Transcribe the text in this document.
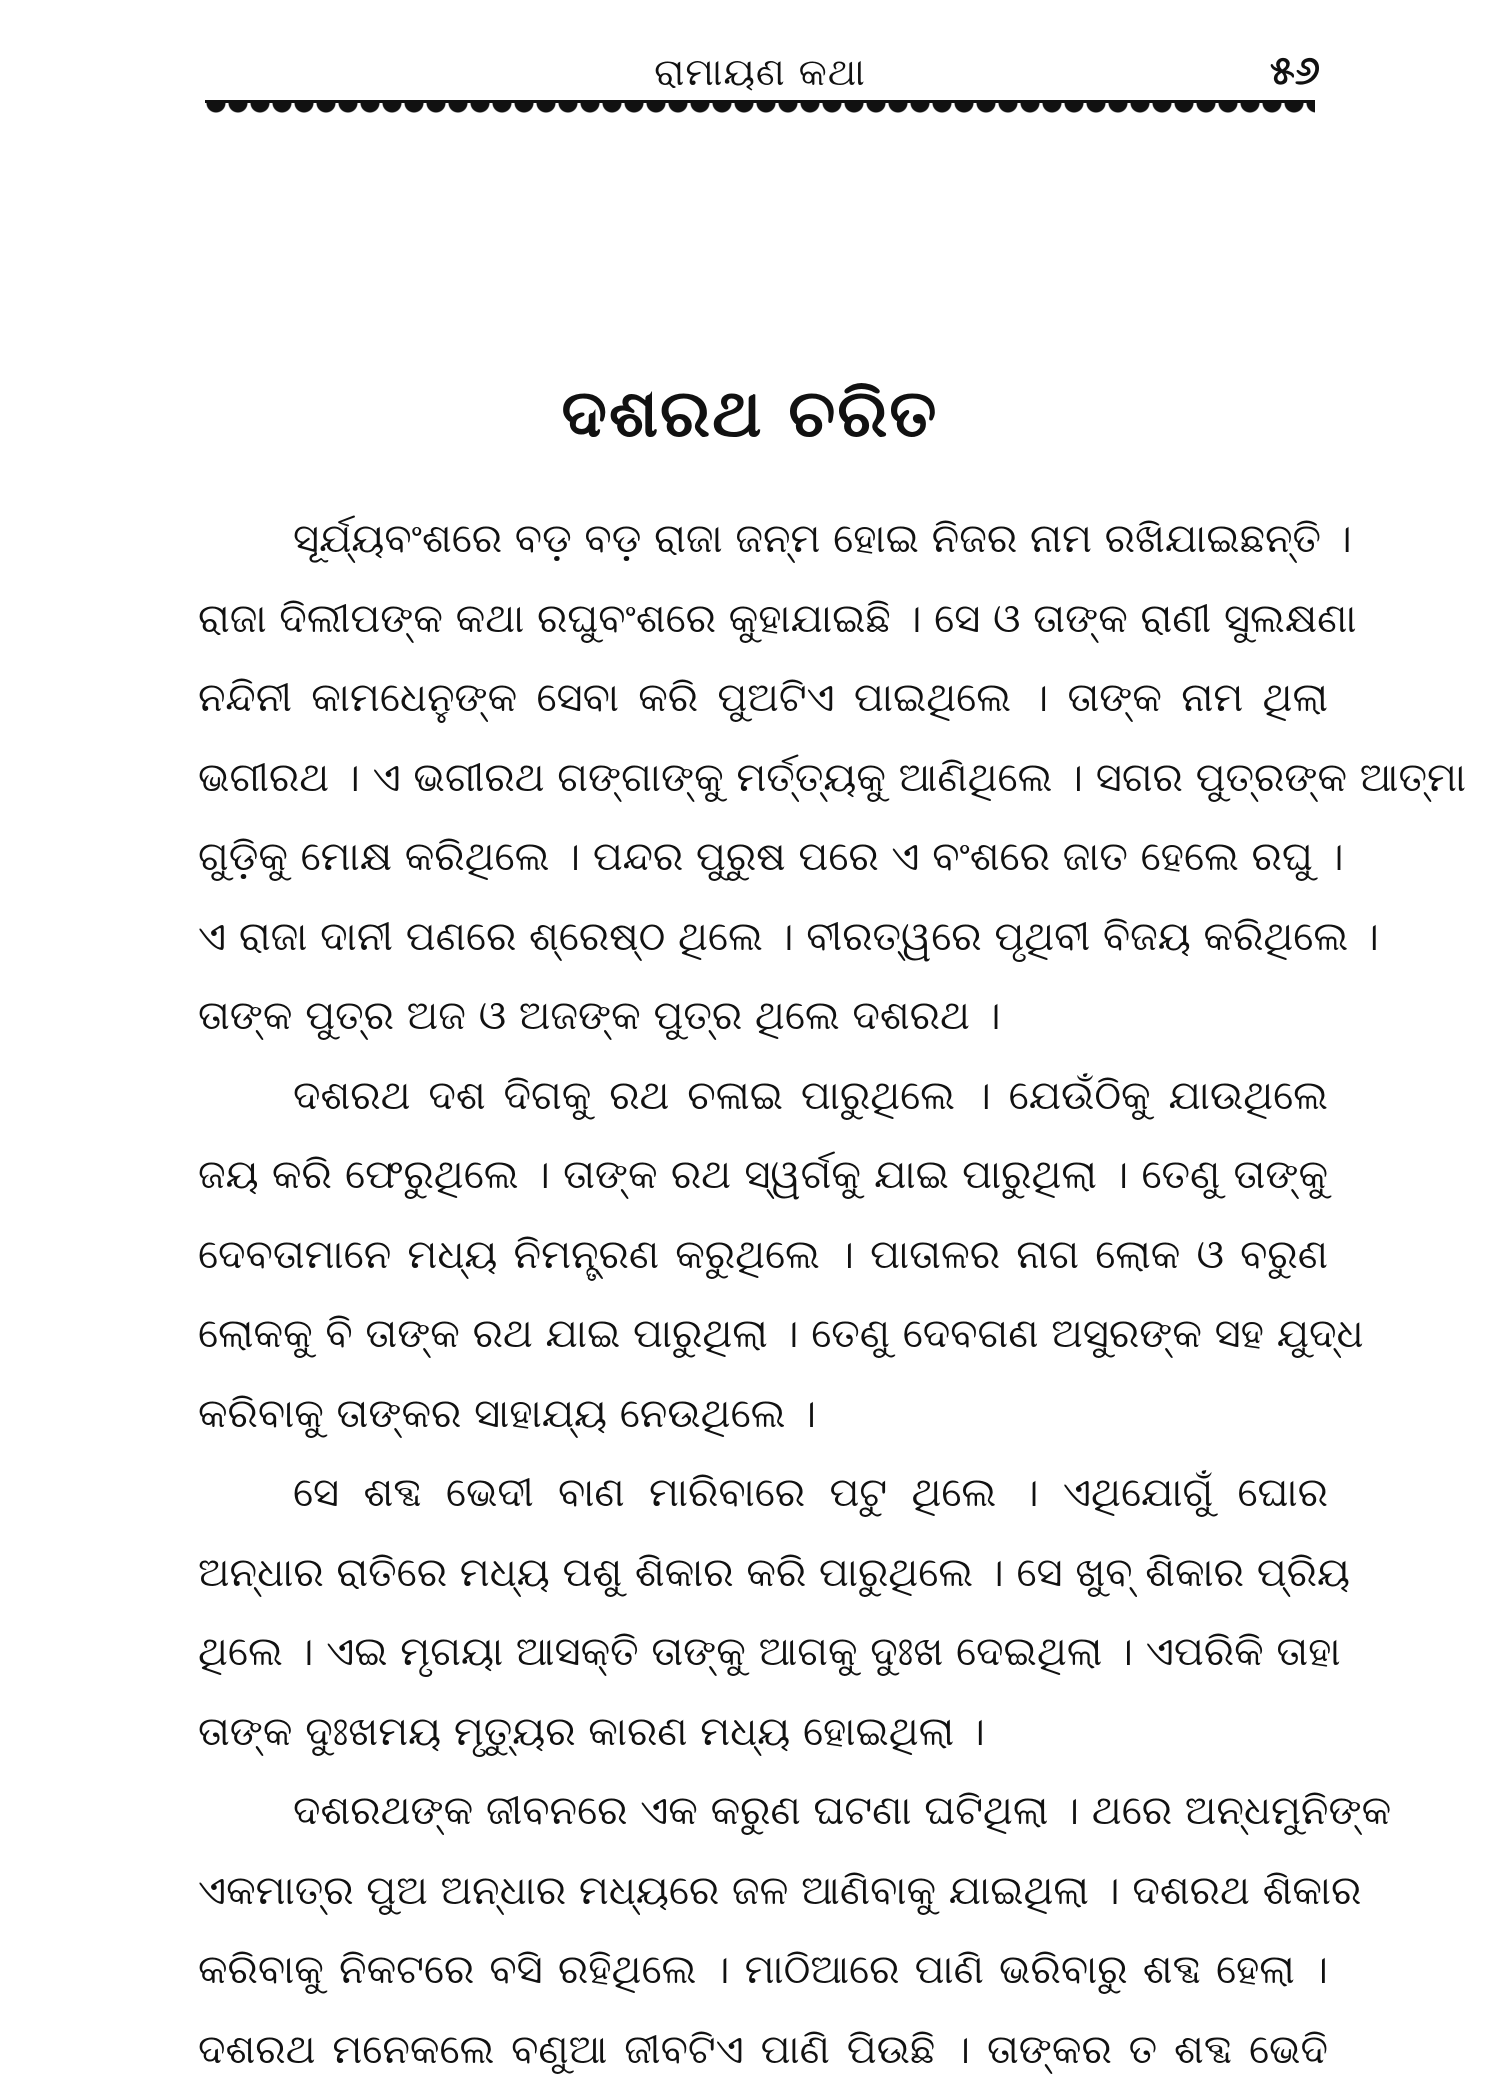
ରାମାୟଣ କଥା	୫୬
ଦଶରଥ ଚରିତ
ସୂର୍ଯ୍ୟବଂଶରେ ବଡ଼ ବଡ଼ ରାଜା ଜନ୍ମ ହୋଇ ନିଜର ନାମ ରଖିଯାଇଛନ୍ତି ।
ରାଜା ଦିଲୀପଙ୍କ କଥା ରଘୁବଂଶରେ କୁହାଯାଇଛି । ସେ ଓ ତାଙ୍କ ରାଣୀ ସୁଲକ୍ଷଣା
ନନ୍ଦିନୀ କାମଧେନୁଙ୍କ ସେବା କରି ପୁଅଟିଏ ପାଇଥିଲେ । ତାଙ୍କ ନାମ ଥିଲା
ଭଗୀରଥ । ଏ ଭଗୀରଥ ଗଙ୍ଗାଙ୍କୁ ମର୍ତ୍ତ୍ୟକୁ ଆଣିଥିଲେ । ସଗର ପୁତ୍ରଙ୍କ ଆତ୍ମା
ଗୁଡ଼ିକୁ ମୋକ୍ଷ କରିଥିଲେ । ପନ୍ଦର ପୁରୁଷ ପରେ ଏ ବଂଶରେ ଜାତ ହେଲେ ରଘୁ ।
ଏ ରାଜା ଦାନୀ ପଣରେ ଶ୍ରେଷ୍ଠ ଥିଲେ । ବୀରତ୍ୱରେ ପୃଥିବୀ ବିଜୟ କରିଥିଲେ ।
ତାଙ୍କ ପୁତ୍ର ଅଜ ଓ ଅଜଙ୍କ ପୁତ୍ର ଥିଲେ ଦଶରଥ ।
ଦଶରଥ ଦଶ ଦିଗକୁ ରଥ ଚଳାଇ ପାରୁଥିଲେ । ଯେଉଁଠିକୁ ଯାଉଥିଲେ
ଜୟ କରି ଫେରୁଥିଲେ । ତାଙ୍କ ରଥ ସ୍ୱର୍ଗକୁ ଯାଇ ପାରୁଥିଲା । ତେଣୁ ତାଙ୍କୁ
ଦେବତାମାନେ ମଧ୍ୟ ନିମନ୍ତ୍ରଣ କରୁଥିଲେ । ପାତାଳର ନାଗ ଲୋକ ଓ ବରୁଣ
ଲୋକକୁ ବି ତାଙ୍କ ରଥ ଯାଇ ପାରୁଥିଲା । ତେଣୁ ଦେବଗଣ ଅସୁରଙ୍କ ସହ ଯୁଦ୍ଧ
କରିବାକୁ ତାଙ୍କର ସାହାଯ୍ୟ ନେଉଥିଲେ ।
ସେ ଶବ୍ଦ ଭେଦୀ ବାଣ ମାରିବାରେ ପଟୁ ଥିଲେ । ଏଥିଯୋଗୁଁ ଘୋର
ଅନ୍ଧାର ରାତିରେ ମଧ୍ୟ ପଶୁ ଶିକାର କରି ପାରୁଥିଲେ । ସେ ଖୁବ୍ ଶିକାର ପ୍ରିୟ
ଥିଲେ । ଏଇ ମୃଗୟା ଆସକ୍ତି ତାଙ୍କୁ ଆଗକୁ ଦୁଃଖ ଦେଇଥିଲା । ଏପରିକି ତାହା
ତାଙ୍କ ଦୁଃଖମୟ ମୃତ୍ୟୁର କାରଣ ମଧ୍ୟ ହୋଇଥିଲା ।
ଦଶରଥଙ୍କ ଜୀବନରେ ଏକ କରୁଣ ଘଟଣା ଘଟିଥିଲା । ଥରେ ଅନ୍ଧମୁନିଙ୍କ
ଏକମାତ୍ର ପୁଅ ଅନ୍ଧାର ମଧ୍ୟରେ ଜଳ ଆଣିବାକୁ ଯାଇଥିଲା । ଦଶରଥ ଶିକାର
କରିବାକୁ ନିକଟରେ ବସି ରହିଥିଲେ । ମାଠିଆରେ ପାଣି ଭରିବାରୁ ଶବ୍ଦ ହେଲା ।
ଦଶରଥ ମନେକଲେ ବଣୁଆ ଜୀବଟିଏ ପାଣି ପିଉଛି । ତାଙ୍କର ତ ଶବ୍ଦ ଭେଦି
